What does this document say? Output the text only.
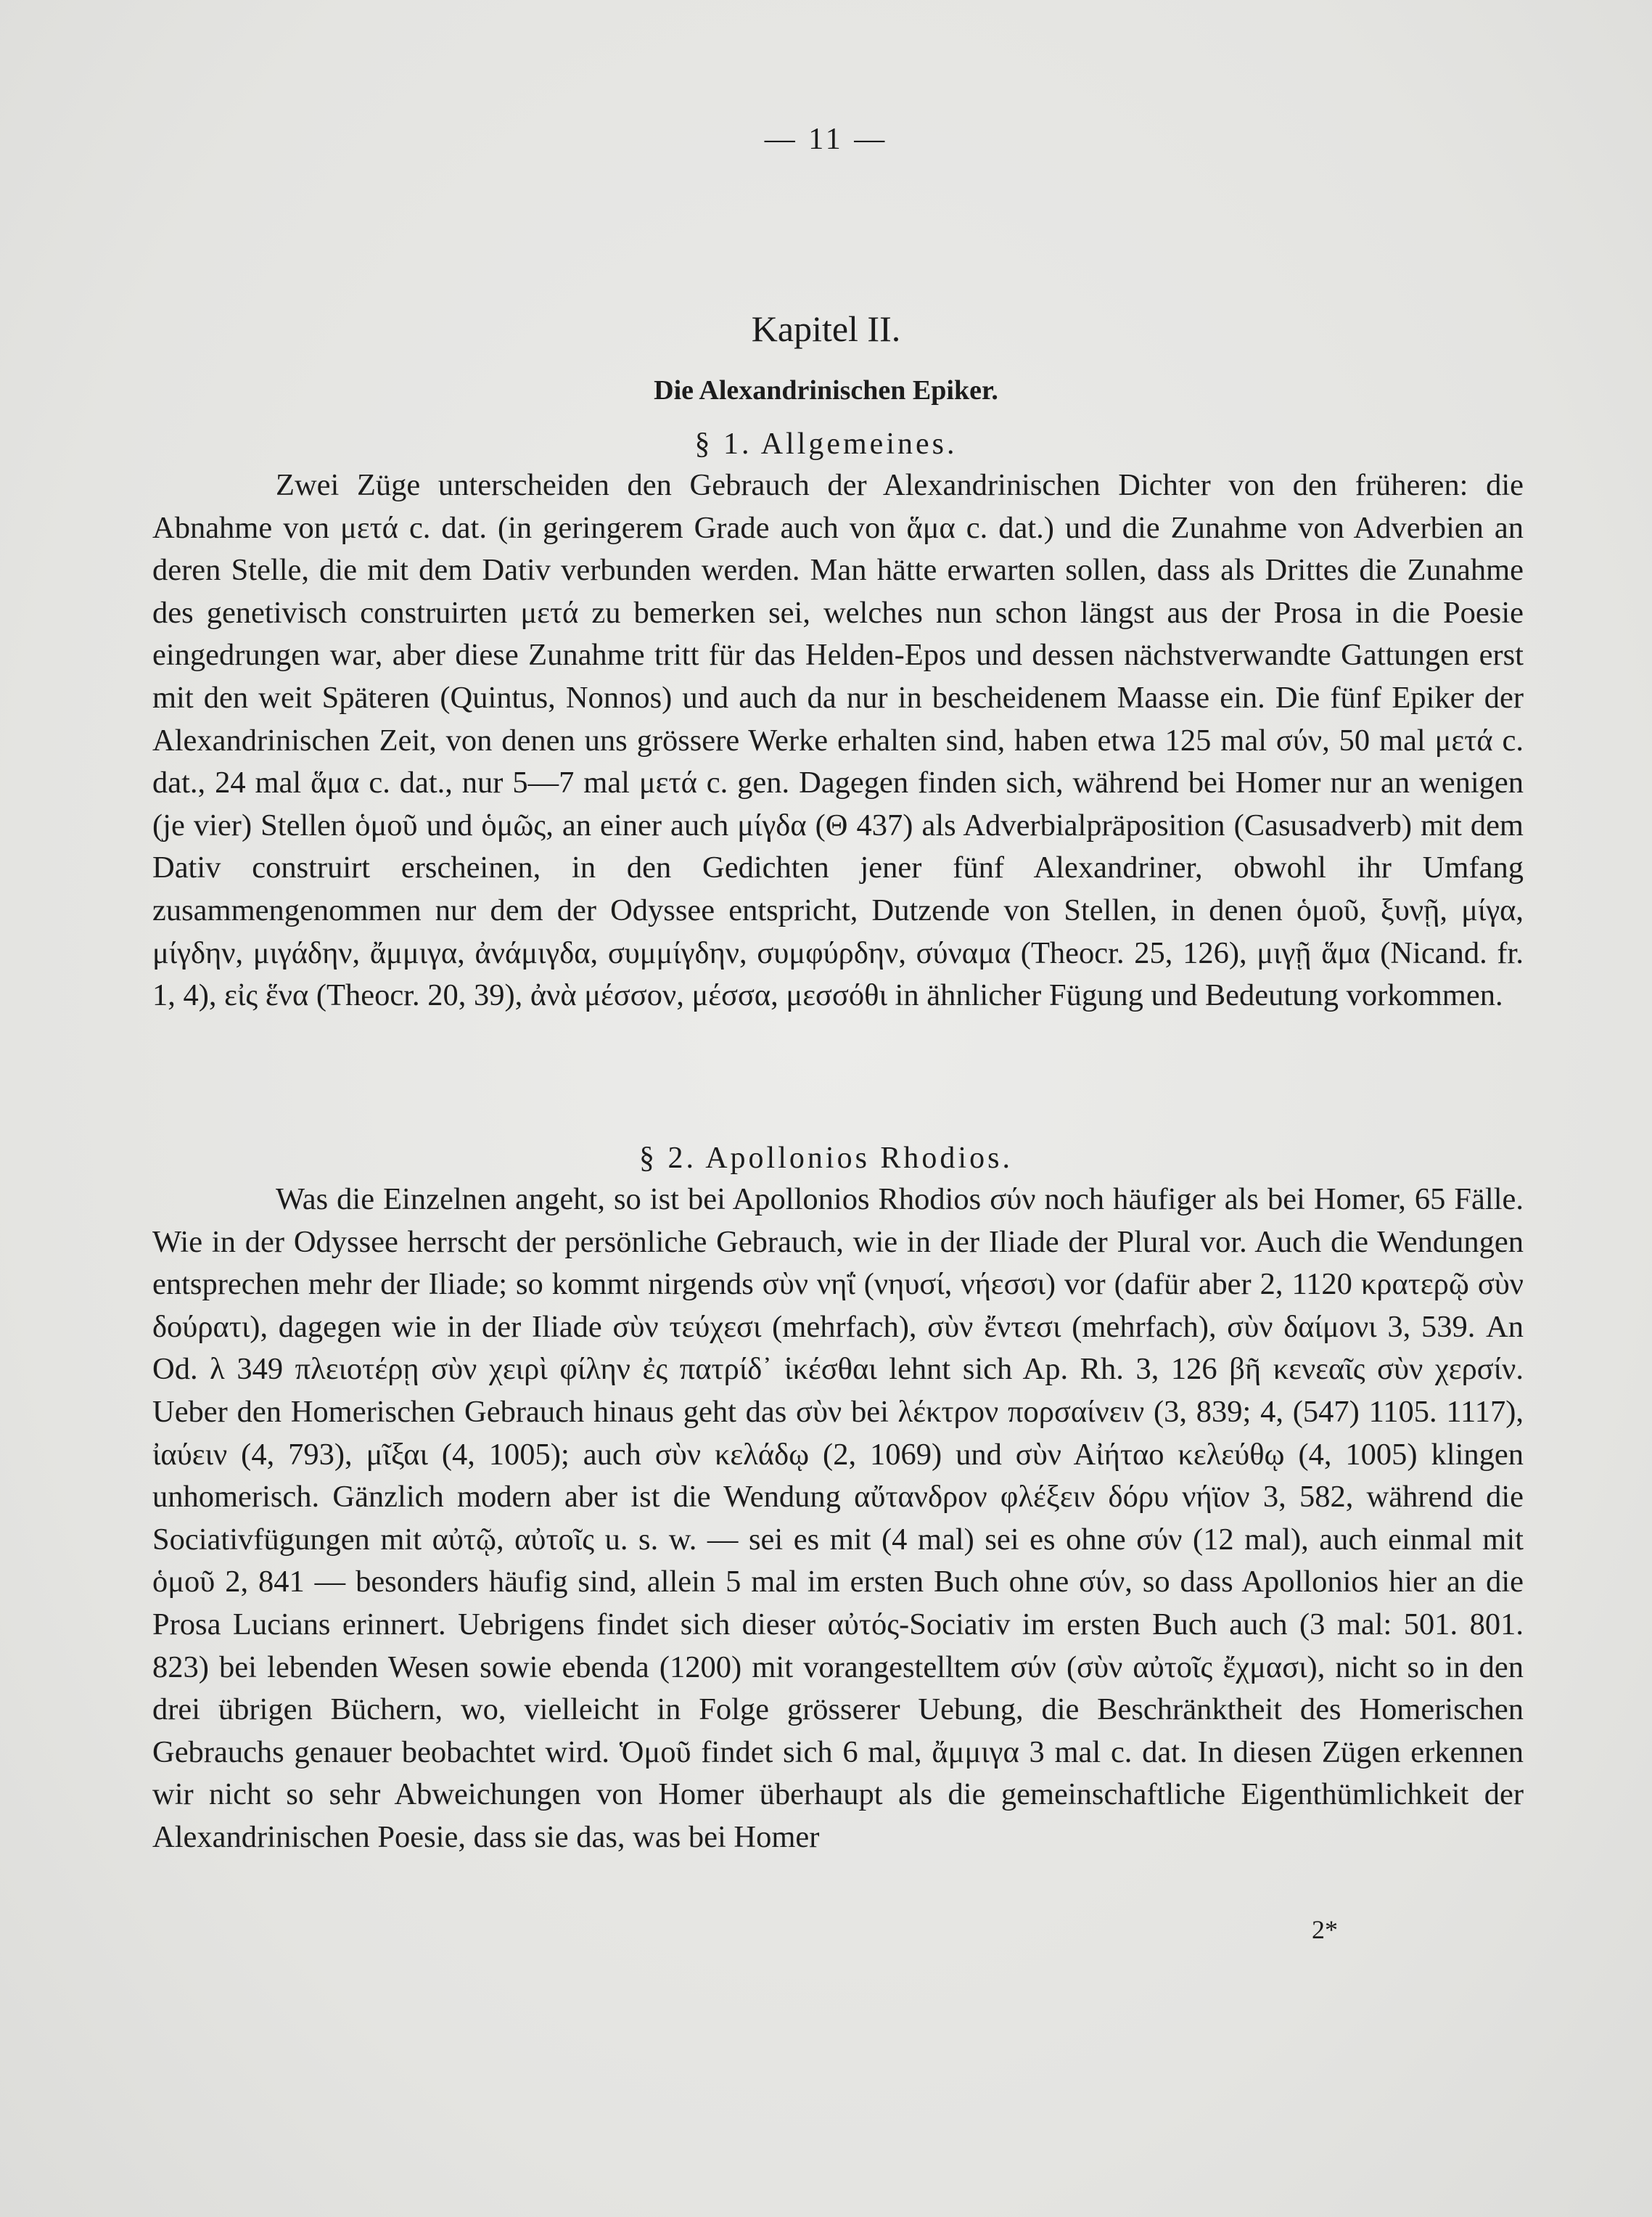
— 11 —
Kapitel II.
Die Alexandrinischen Epiker.
§ 1. Allgemeines.

Zwei Züge unterscheiden den Gebrauch der Alexandrinischen Dichter von den früheren: die Abnahme von μετά c. dat. (in geringerem Grade auch von ἅμα c. dat.) und die Zunahme von Adverbien an deren Stelle, die mit dem Dativ verbunden werden. Man hätte erwarten sollen, dass als Drittes die Zunahme des genetivisch construirten μετά zu bemerken sei, welches nun schon längst aus der Prosa in die Poesie eingedrungen war, aber diese Zunahme tritt für das Helden-Epos und dessen nächstverwandte Gattungen erst mit den weit Späteren (Quintus, Nonnos) und auch da nur in bescheidenem Maasse ein. Die fünf Epiker der Alexandrinischen Zeit, von denen uns grössere Werke erhalten sind, haben etwa 125 mal σύν, 50 mal μετά c. dat., 24 mal ἅμα c. dat., nur 5—7 mal μετά c. gen. Dagegen finden sich, während bei Homer nur an wenigen (je vier) Stellen ὁμοῦ und ὁμῶς, an einer auch μίγδα (Θ 437) als Adverbialpräposition (Casusadverb) mit dem Dativ construirt erscheinen, in den Gedichten jener fünf Alexandriner, obwohl ihr Umfang zusammengenommen nur dem der Odyssee entspricht, Dutzende von Stellen, in denen ὁμοῦ, ξυνῇ, μίγα, μίγδην, μιγάδην, ἄμμιγα, ἀνάμιγδα, συμμίγδην, συμφύρδην, σύναμα (Theocr. 25, 126), μιγῇ ἅμα (Nicand. fr. 1, 4), εἰς ἕνα (Theocr. 20, 39), ἀνὰ μέσσον, μέσσα, μεσσόθι in ähnlicher Fügung und Bedeutung vorkommen.

§ 2. Apollonios Rhodios.

Was die Einzelnen angeht, so ist bei Apollonios Rhodios σύν noch häufiger als bei Homer, 65 Fälle. Wie in der Odyssee herrscht der persönliche Gebrauch, wie in der Iliade der Plural vor. Auch die Wendungen entsprechen mehr der Iliade; so kommt nirgends σὺν νηΐ (νηυσί, νήεσσι) vor (dafür aber 2, 1120 κρατερῷ σὺν δούρατι), dagegen wie in der Iliade σὺν τεύχεσι (mehrfach), σὺν ἔντεσι (mehrfach), σὺν δαίμονι 3, 539. An Od. λ 349 πλειοτέρῃ σὺν χειρὶ φίλην ἐς πατρίδ᾽ ἱκέσθαι lehnt sich Ap. Rh. 3, 126 βῆ κενεαῖς σὺν χερσίν. Ueber den Homerischen Gebrauch hinaus geht das σὺν bei λέκτρον πορσαίνειν (3, 839; 4, (547) 1105. 1117), ἰαύειν (4, 793), μῖξαι (4, 1005); auch σὺν κελάδῳ (2, 1069) und σὺν Αἰήταο κελεύθῳ (4, 1005) klingen unhomerisch. Gänzlich modern aber ist die Wendung αὔτανδρον φλέξειν δόρυ νήϊον 3, 582, während die Sociativfügungen mit αὐτῷ, αὐτοῖς u. s. w. — sei es mit (4 mal) sei es ohne σύν (12 mal), auch einmal mit ὁμοῦ 2, 841 — besonders häufig sind, allein 5 mal im ersten Buch ohne σύν, so dass Apollonios hier an die Prosa Lucians erinnert. Uebrigens findet sich dieser αὐτός-Sociativ im ersten Buch auch (3 mal: 501. 801. 823) bei lebenden Wesen sowie ebenda (1200) mit vorangestelltem σύν (σὺν αὐτοῖς ἔχμασι), nicht so in den drei übrigen Büchern, wo, vielleicht in Folge grösserer Uebung, die Beschränktheit des Homerischen Gebrauchs genauer beobachtet wird. Ὁμοῦ findet sich 6 mal, ἄμμιγα 3 mal c. dat. In diesen Zügen erkennen wir nicht so sehr Abweichungen von Homer überhaupt als die gemeinschaftliche Eigenthümlichkeit der Alexandrinischen Poesie, dass sie das, was bei Homer

2*
